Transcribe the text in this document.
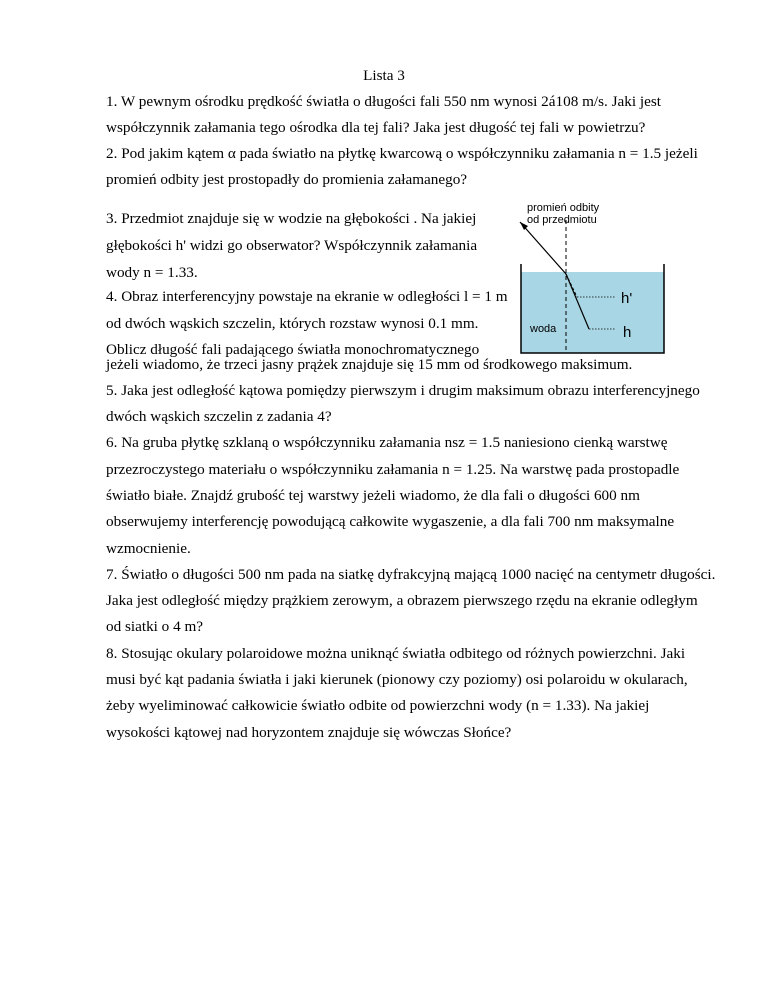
Lista 3
1. W pewnym ośrodku prędkość światła o długości fali 550 nm wynosi 2á108 m/s. Jaki jest
współczynnik załamania tego ośrodka dla tej fali? Jaka jest długość tej fali w powietrzu?
2. Pod jakim kątem α pada światło na płytkę kwarcową o współczynniku załamania n = 1.5 jeżeli
promień odbity jest prostopadły do promienia załamanego?
3. Przedmiot znajduje się w wodzie na głębokości . Na jakiej
głębokości h' widzi go obserwator? Współczynnik załamania
wody n = 1.33.
4. Obraz interferencyjny powstaje na ekranie w odległości l = 1 m
od dwóch wąskich szczelin, których rozstaw wynosi 0.1 mm.
Oblicz długość fali padającego światła monochromatycznego
jeżeli wiadomo, że trzeci jasny prążek znajduje się 15 mm od środkowego maksimum.
5. Jaka jest odległość kątowa pomiędzy pierwszym i drugim maksimum obrazu interferencyjnego
dwóch wąskich szczelin z zadania 4?
6. Na gruba płytkę szklaną o współczynniku załamania nsz = 1.5 naniesiono cienką warstwę
przezroczystego materiału o współczynniku załamania n = 1.25. Na warstwę pada prostopadle
światło białe. Znajdź grubość tej warstwy jeżeli wiadomo, że dla fali o długości 600 nm
obserwujemy interferencję powodującą całkowite wygaszenie, a dla fali 700 nm maksymalne
wzmocnienie.
7. Światło o długości 500 nm pada na siatkę dyfrakcyjną mającą 1000 nacięć na centymetr długości.
Jaka jest odległość między prążkiem zerowym, a obrazem pierwszego rzędu na ekranie odległym
od siatki o 4 m?
8. Stosując okulary polaroidowe można uniknąć światła odbitego od różnych powierzchni. Jaki
musi być kąt padania światła i jaki kierunek (pionowy czy poziomy) osi polaroidu w okularach,
żeby wyeliminować całkowicie światło odbite od powierzchni wody (n = 1.33). Na jakiej
wysokości kątowej nad horyzontem znajduje się wówczas Słońce?
promień odbity
od przedmiotu
h'
h
woda
